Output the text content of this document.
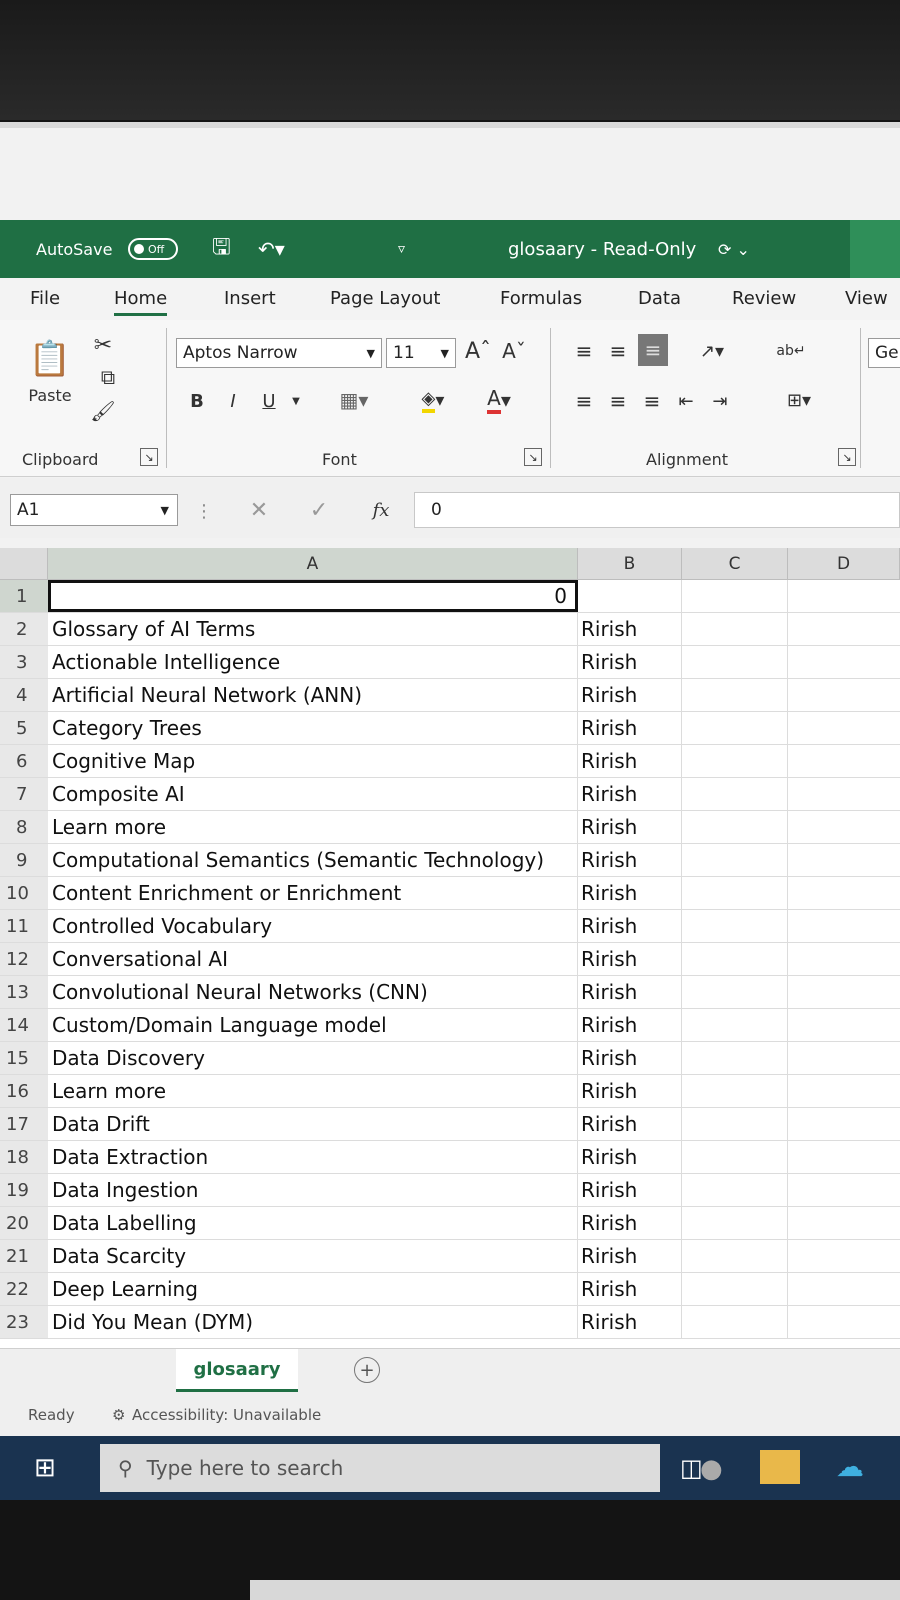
AutoSave	Off 🖫 ↶▾	▿	glosaary - Read-Only ⟳ ⌄
File	Home	Insert	Page Layout	Formulas	Data	Review	View
📋
Paste
✂
⧉
🖌
Clipboard	↘
Aptos Narrow	▼ 11 ▼ Aˆ Aˇ
B	I	U	▼	▦▾	◈ ▾	A ▾
Font	↘
≡ ≡ ≡	↗▾	ab↵
≡ ≡ ≡	⇤	⇥	⊞▾
Alignment	↘
Ge
A1	▼ ⋮ ✕ ✓	fx	0
A	B	C	D
1	0
2	Glossary of AI Terms	Rirish
3	Actionable Intelligence	Rirish
4	Artificial Neural Network (ANN)	Rirish
5	Category Trees	Rirish
6	Cognitive Map	Rirish
7	Composite AI	Rirish
8	Learn more	Rirish
9	Computational Semantics (Semantic Technology)	Rirish
10	Content Enrichment or Enrichment	Rirish
11	Controlled Vocabulary	Rirish
12	Conversational AI	Rirish
13	Convolutional Neural Networks (CNN)	Rirish
14	Custom/Domain Language model	Rirish
15	Data Discovery	Rirish
16	Learn more	Rirish
17	Data Drift	Rirish
18	Data Extraction	Rirish
19	Data Ingestion	Rirish
20	Data Labelling	Rirish
21	Data Scarcity	Rirish
22	Deep Learning	Rirish
23	Did You Mean (DYM)	Rirish
glosaary	+
Ready ⚙ Accessibility: Unavailable
⊞	⚲ Type here to search	●
◫	☁
